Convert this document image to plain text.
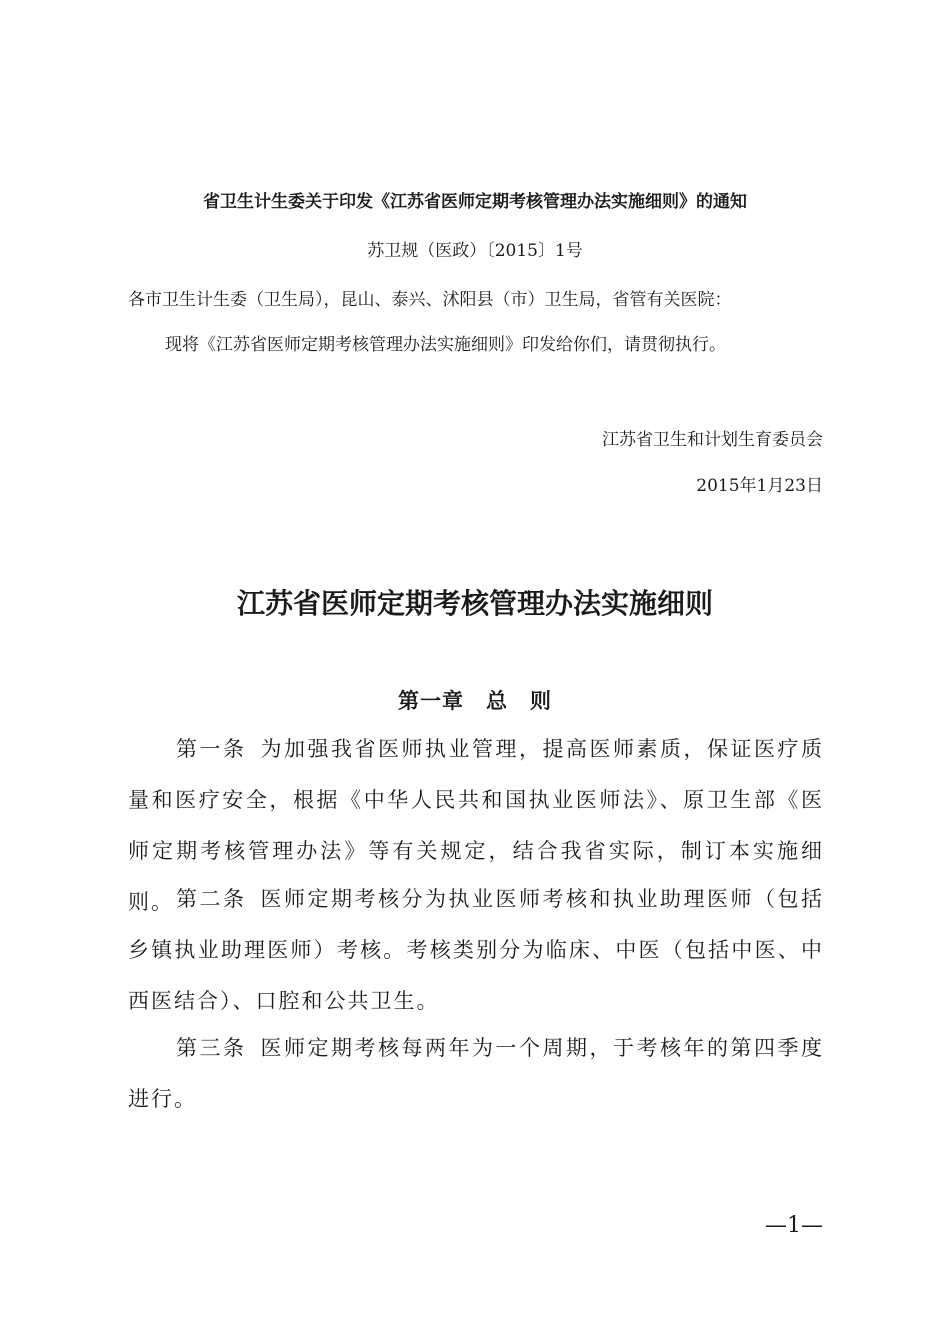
省卫生计生委关于印发《江苏省医师定期考核管理办法实施细则》的通知
苏卫规（医政）〔2015〕1号
各市卫生计生委（卫生局），昆山、泰兴、沭阳县（市）卫生局，省管有关医院：
现将《江苏省医师定期考核管理办法实施细则》印发给你们，请贯彻执行。
江苏省卫生和计划生育委员会
2015年1月23日
江苏省医师定期考核管理办法实施细则
第一章　总　则

第一条 为加强我省医师执业管理，提高医师素质，保证医疗质量和医疗安全，根据《中华人民共和国执业医师法》、原卫生部《医师定期考核管理办法》等有关规定，结合我省实际，制订本实施细则。 第二条 医师定期考核分为执业医师考核和执业助理医师（包括乡镇执业助理医师）考核。考核类别分为临床、中医（包括中医、中西医结合）、口腔和公共卫生。

第三条 医师定期考核每两年为一个周期，于考核年的第四季度进行。

—1—
